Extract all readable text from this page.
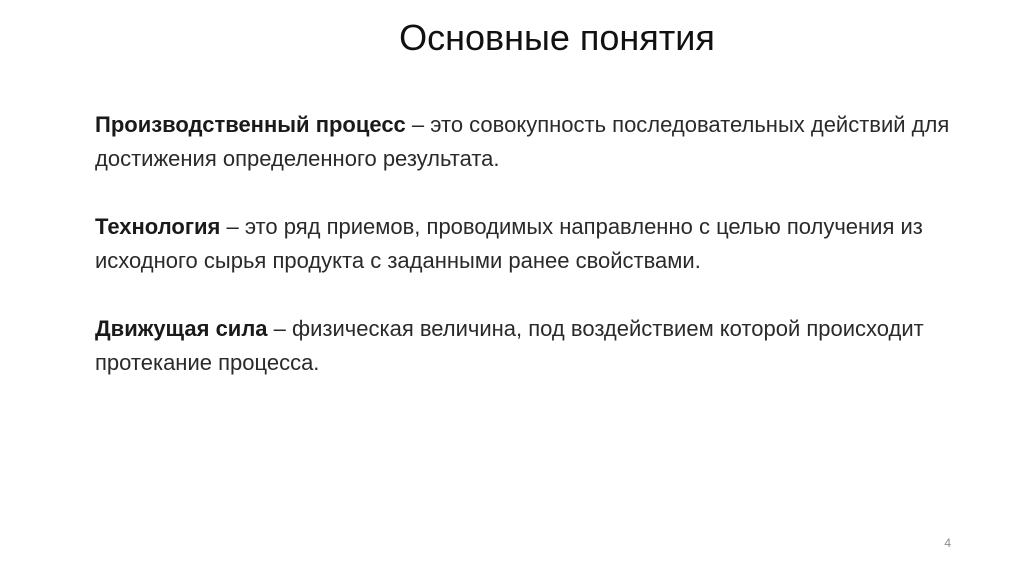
Основные понятия

Производственный процесс – это совокупность последовательных действий для достижения определенного результата.

Технология – это ряд приемов, проводимых направленно с целью получения из исходного сырья продукта с заданными ранее свойствами.

Движущая сила – физическая величина, под воздействием которой происходит протекание процесса.

4
